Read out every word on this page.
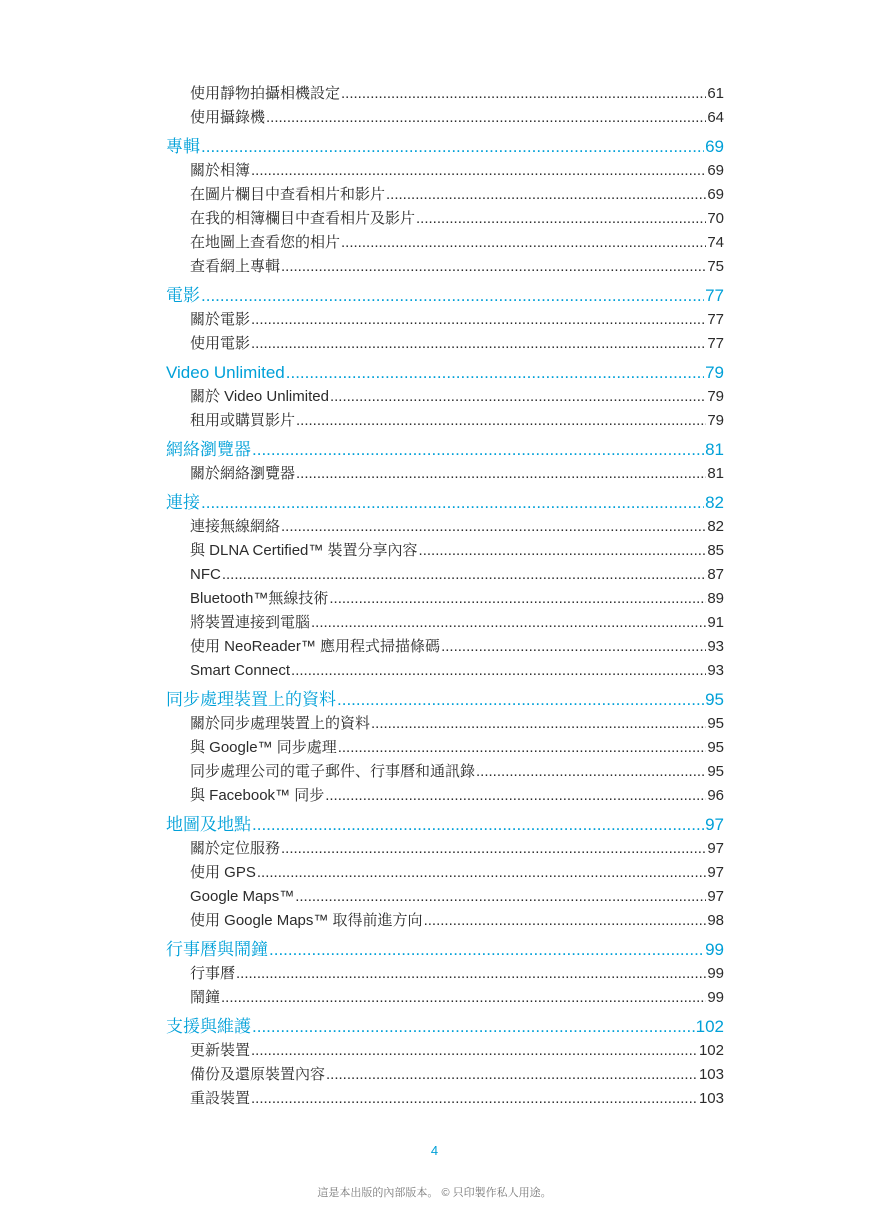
使用靜物拍攝相機設定 .....	61
使用攝錄機 .....	64
專輯 .....	69
關於相簿 .....	69
在圖片欄目中查看相片和影片 .....	69
在我的相簿欄目中查看相片及影片 .....	70
在地圖上查看您的相片 .....	74
查看網上專輯 .....	75
電影 .....	77
關於電影 .....	77
使用電影 .....	77
Video Unlimited .....	79
關於 Video Unlimited .....	79
租用或購買影片 .....	79
網絡瀏覽器 .....	81
關於網絡瀏覽器 .....	81
連接 .....	82
連接無線網絡 .....	82
與 DLNA Certified™ 裝置分享內容 .....	85
NFC .....	87
Bluetooth™無線技術 .....	89
將裝置連接到電腦 .....	91
使用 NeoReader™ 應用程式掃描條碼 .....	93
Smart Connect .....	93
同步處理裝置上的資料 .....	95
關於同步處理裝置上的資料 .....	95
與 Google™ 同步處理 .....	95
同步處理公司的電子郵件、行事曆和通訊錄 .....	95
與 Facebook™ 同步 .....	96
地圖及地點 .....	97
關於定位服務 .....	97
使用 GPS .....	97
Google Maps™ .....	97
使用 Google Maps™ 取得前進方向 .....	98
行事曆與鬧鐘 .....	99
行事曆 .....	99
鬧鐘 .....	99
支援與維護 .....	102
更新裝置 .....	102
備份及還原裝置內容 .....	103
重設裝置 .....	103
4
這是本出版的內部版本。 © 只印製作私人用途。
